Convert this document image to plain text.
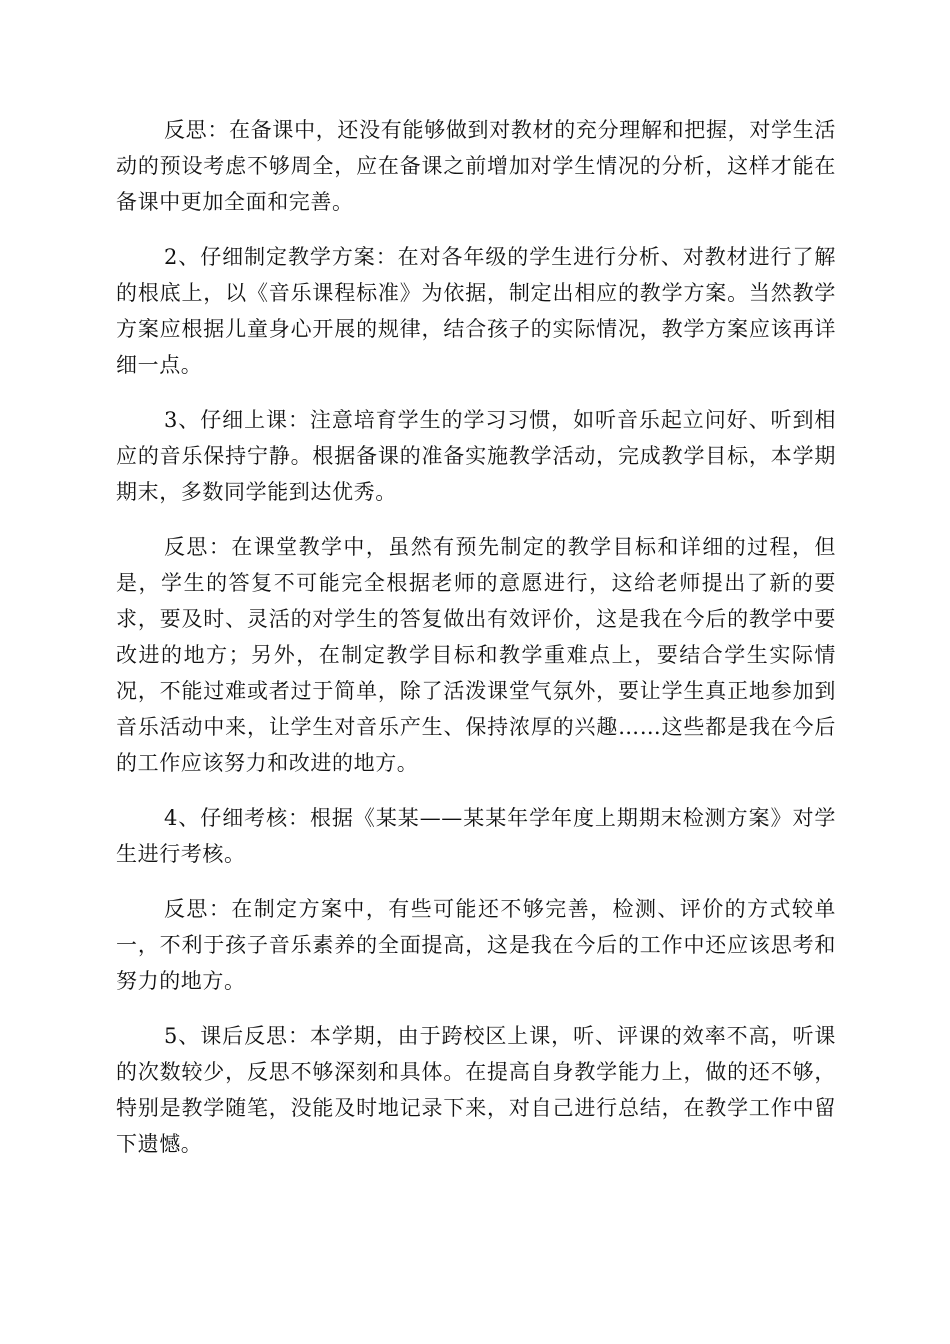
反思：在备课中，还没有能够做到对教材的充分理解和把握，对学生活动的预设考虑不够周全，应在备课之前增加对学生情况的分析，这样才能在备课中更加全面和完善。

2、仔细制定教学方案：在对各年级的学生进行分析、对教材进行了解的根底上，以《音乐课程标准》为依据，制定出相应的教学方案。当然教学方案应根据儿童身心开展的规律，结合孩子的实际情况，教学方案应该再详细一点。

3、仔细上课：注意培育学生的学习习惯，如听音乐起立问好、听到相应的音乐保持宁静。根据备课的准备实施教学活动，完成教学目标，本学期期末，多数同学能到达优秀。

反思：在课堂教学中，虽然有预先制定的教学目标和详细的过程，但是，学生的答复不可能完全根据老师的意愿进行，这给老师提出了新的要求，要及时、灵活的对学生的答复做出有效评价，这是我在今后的教学中要改进的地方；另外，在制定教学目标和教学重难点上，要结合学生实际情况，不能过难或者过于简单，除了活泼课堂气氛外，要让学生真正地参加到音乐活动中来，让学生对音乐产生、保持浓厚的兴趣……这些都是我在今后的工作应该努力和改进的地方。

4、仔细考核：根据《某某——某某年学年度上期期末检测方案》对学生进行考核。

反思：在制定方案中，有些可能还不够完善，检测、评价的方式较单一，不利于孩子音乐素养的全面提高，这是我在今后的工作中还应该思考和努力的地方。

5、课后反思：本学期，由于跨校区上课，听、评课的效率不高，听课的次数较少，反思不够深刻和具体。在提高自身教学能力上，做的还不够，特别是教学随笔，没能及时地记录下来，对自己进行总结，在教学工作中留下遗憾。
